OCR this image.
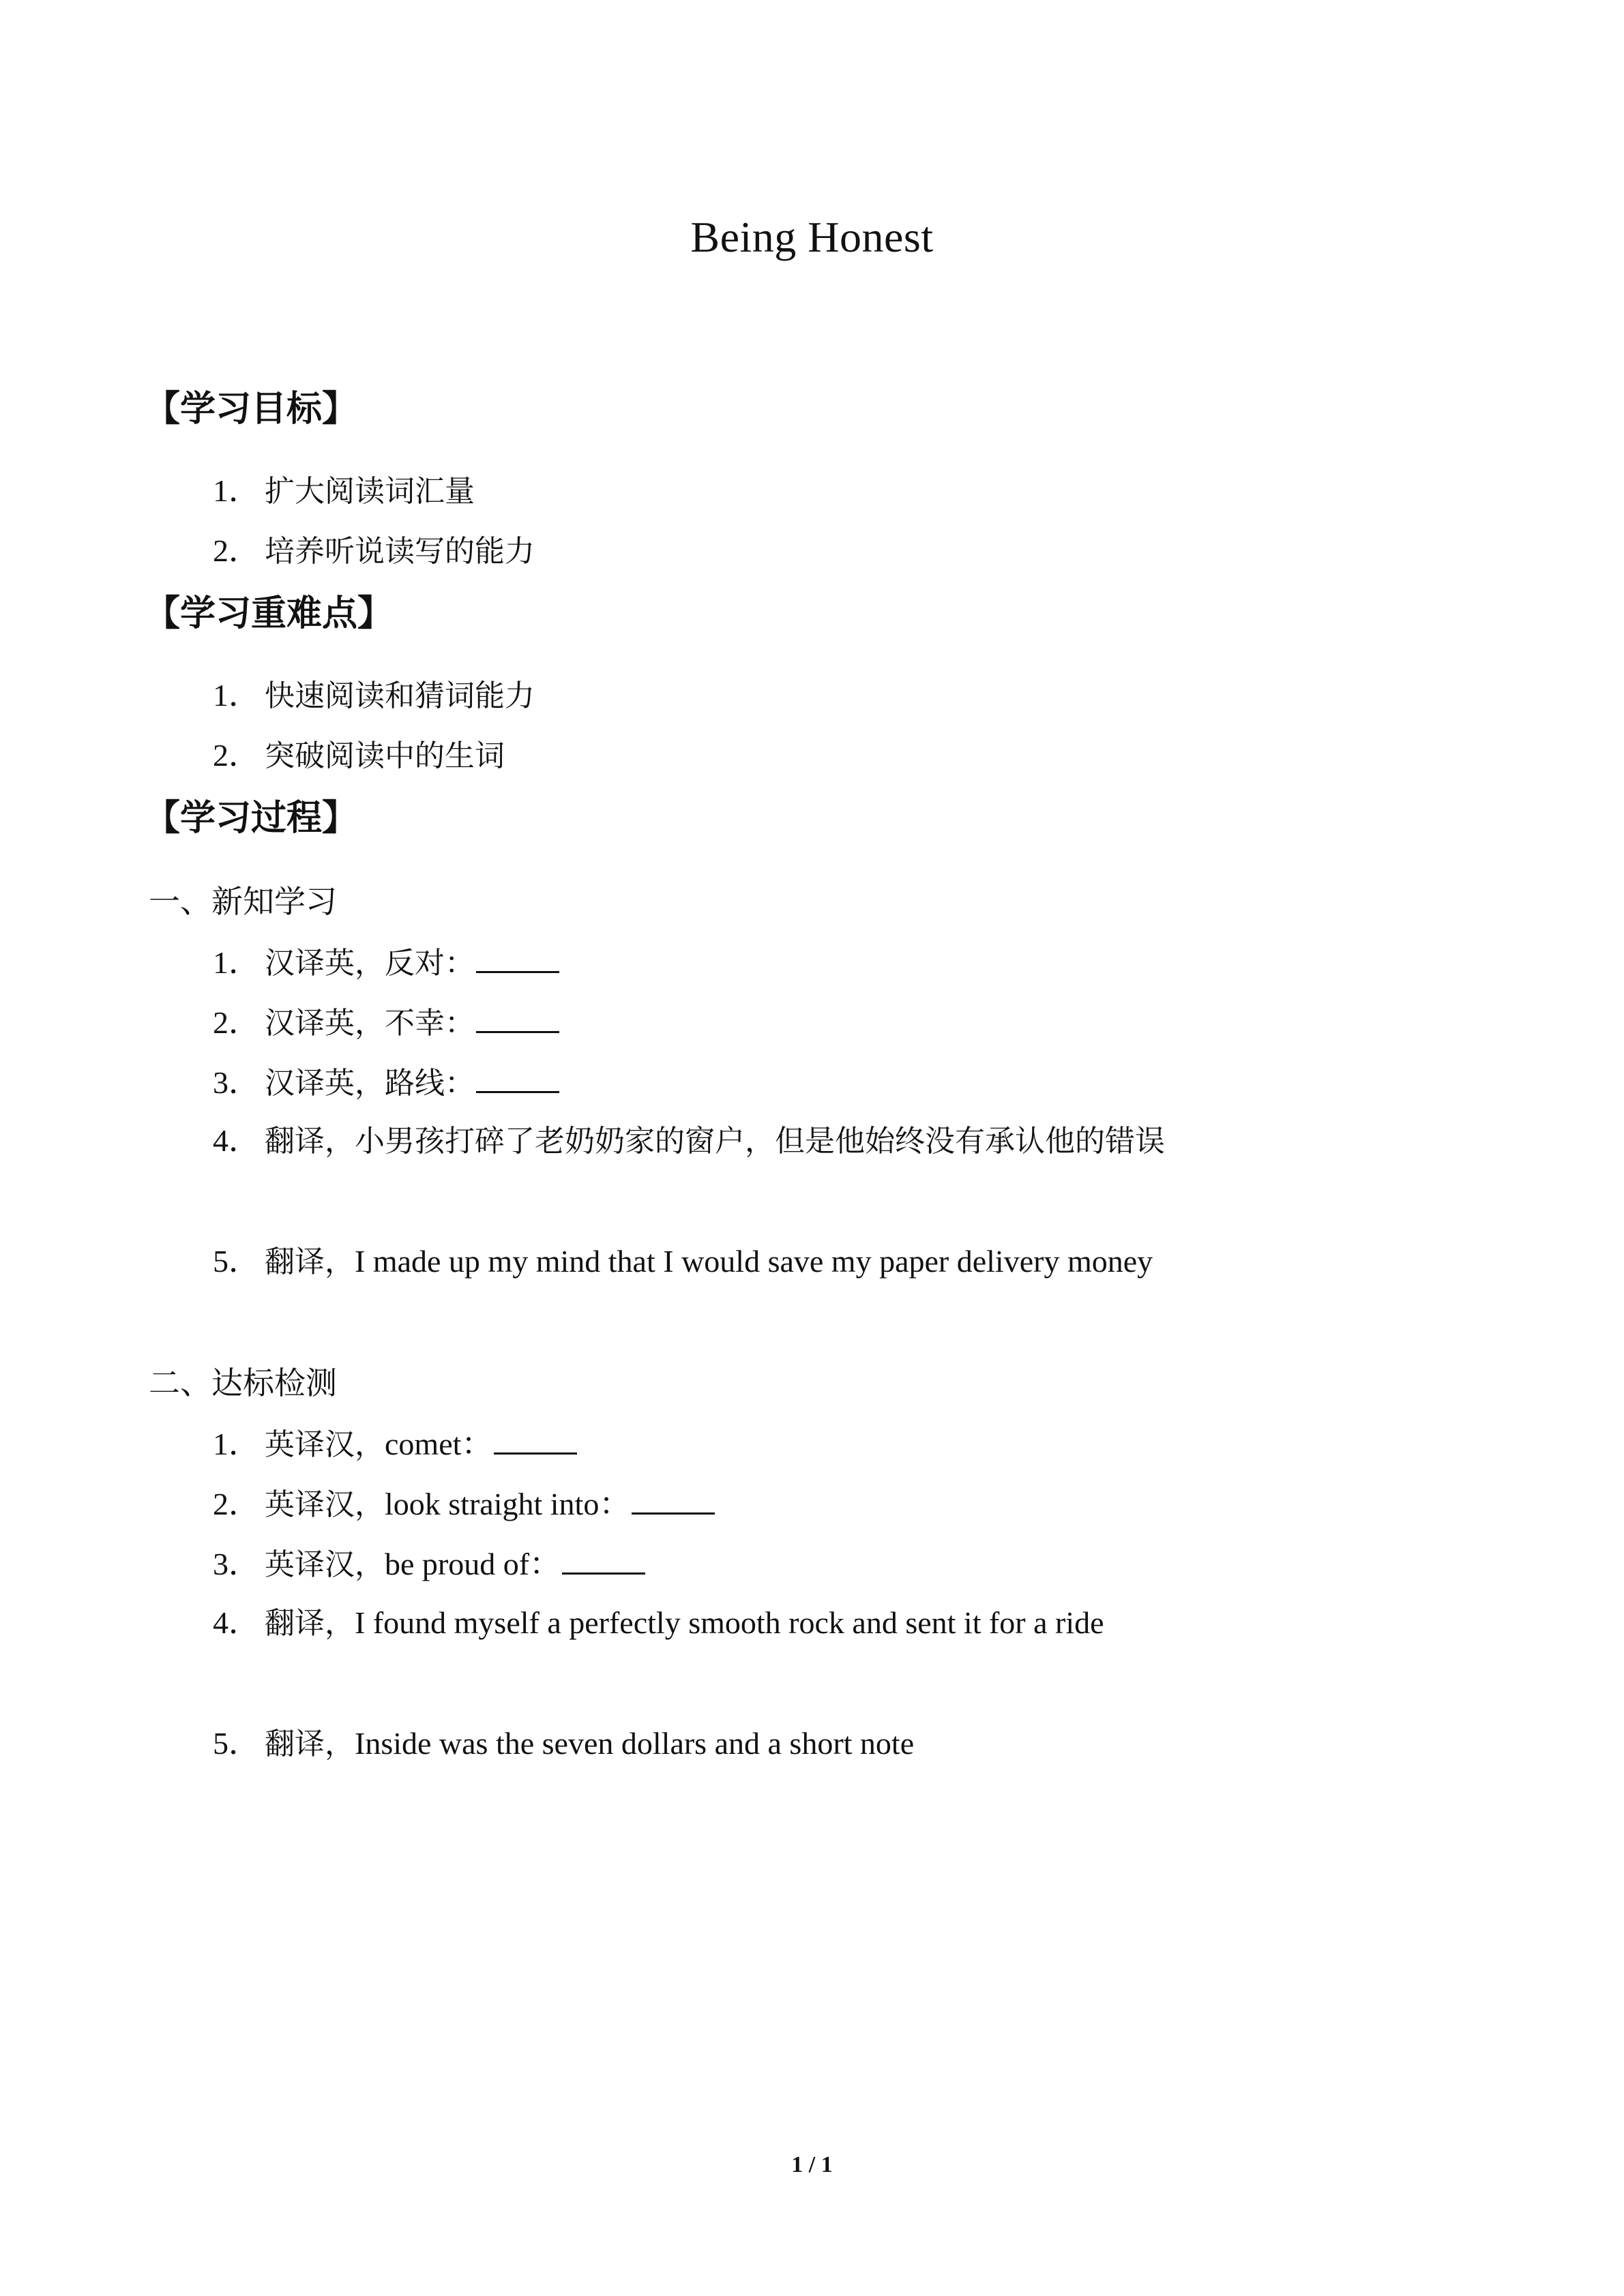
Being Honest
【学习目标】
1． 扩大阅读词汇量
2． 培养听说读写的能力
【学习重难点】
1． 快速阅读和猜词能力
2． 突破阅读中的生词
【学习过程】
一、新知学习
1． 汉译英，反对：
2． 汉译英，不幸：
3． 汉译英，路线：
4． 翻译，小男孩打碎了老奶奶家的窗户，但是他始终没有承认他的错误
5． 翻译，I made up my mind that I would save my paper delivery money
二、达标检测
1． 英译汉，comet：
2． 英译汉，look straight into：
3． 英译汉，be proud of：
4． 翻译，I found myself a perfectly smooth rock and sent it for a ride
5． 翻译，Inside was the seven dollars and a short note
1 / 1
